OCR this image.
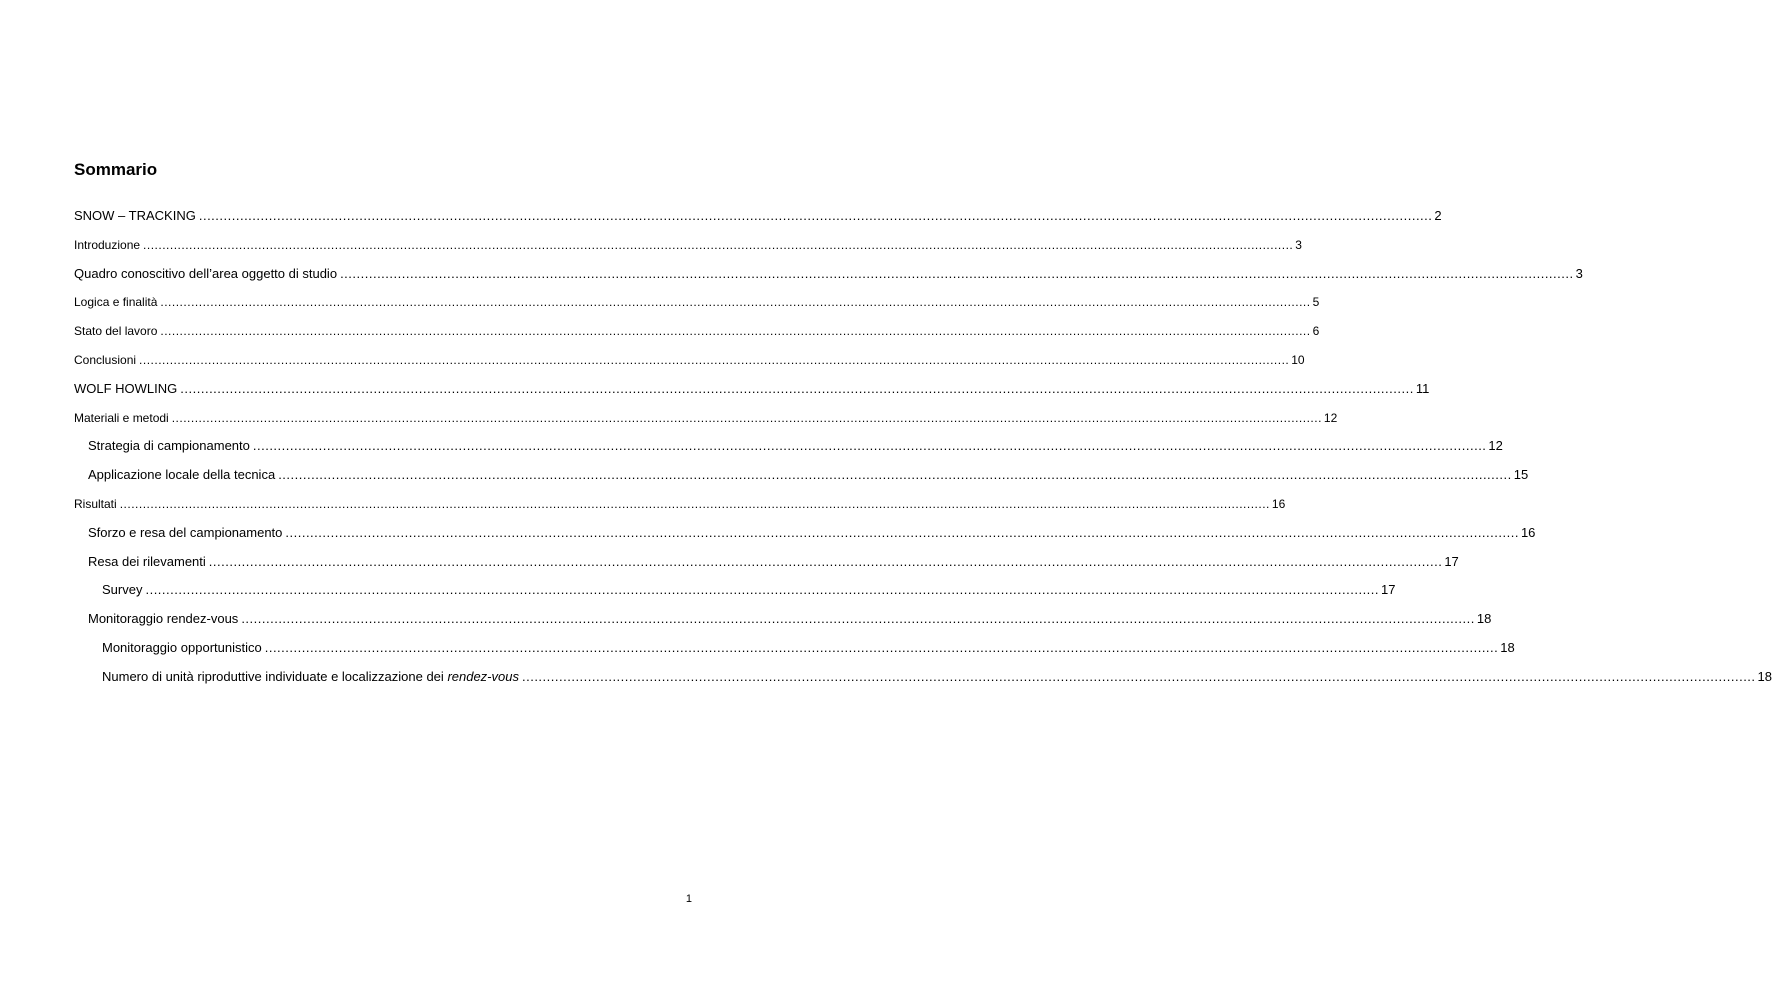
Sommario
SNOW – TRACKING ............................................................................................................................................................................................................................................................................................................ 2
Introduzione ............................................................................................................................................................................................................................................................................................................ 3
Quadro conoscitivo dell’area oggetto di studio ............................................................................................................................................................................................................................................................................................................ 3
Logica e finalità ............................................................................................................................................................................................................................................................................................................ 5
Stato del lavoro ............................................................................................................................................................................................................................................................................................................ 6
Conclusioni ............................................................................................................................................................................................................................................................................................................ 10
WOLF HOWLING ............................................................................................................................................................................................................................................................................................................ 11
Materiali e metodi ............................................................................................................................................................................................................................................................................................................ 12
Strategia di campionamento ............................................................................................................................................................................................................................................................................................................ 12
Applicazione locale della tecnica ............................................................................................................................................................................................................................................................................................................ 15
Risultati ............................................................................................................................................................................................................................................................................................................ 16
Sforzo e resa del campionamento ............................................................................................................................................................................................................................................................................................................ 16
Resa dei rilevamenti ............................................................................................................................................................................................................................................................................................................ 17
Survey ............................................................................................................................................................................................................................................................................................................ 17
Monitoraggio rendez-vous ............................................................................................................................................................................................................................................................................................................ 18
Monitoraggio opportunistico ............................................................................................................................................................................................................................................................................................................ 18
Numero di unità riproduttive individuate e localizzazione dei rendez-vous ............................................................................................................................................................................................................................................................................................................ 18
1
